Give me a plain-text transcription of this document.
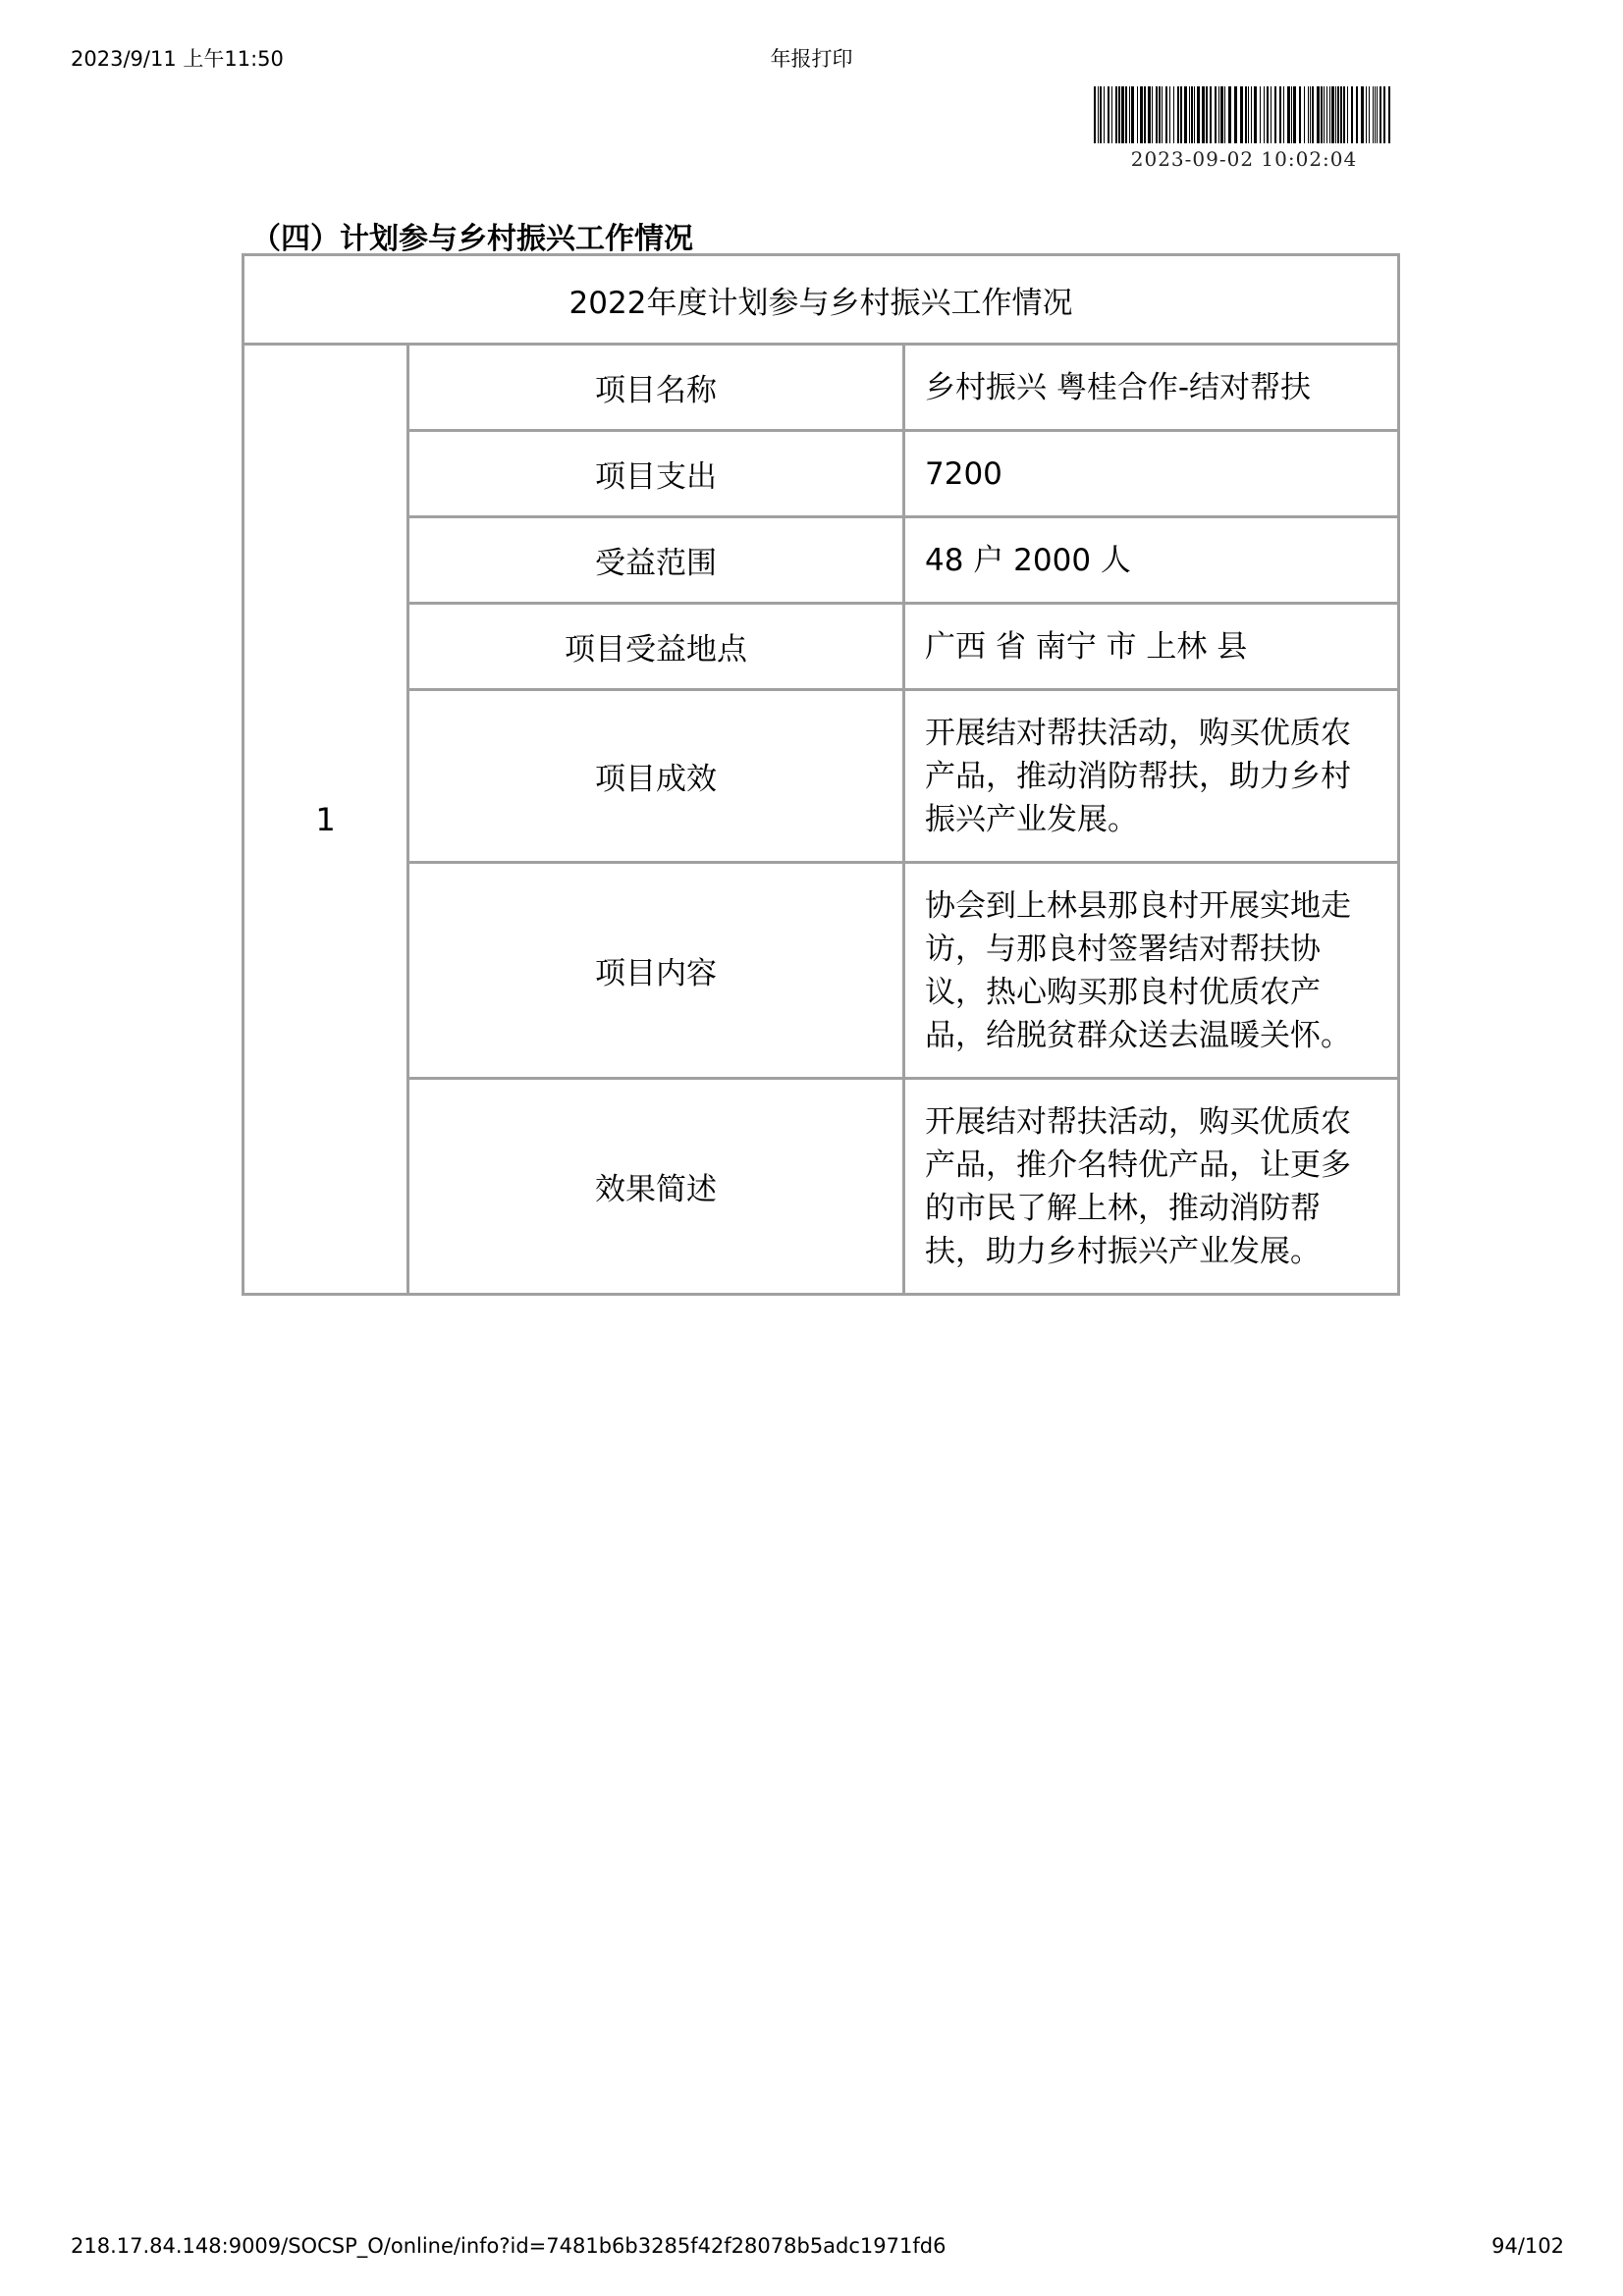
2023/9/11 上午11:50	年报打印
2023-09-02 10:02:04
（四）计划参与乡村振兴工作情况
2022年度计划参与乡村振兴工作情况		
1	项目名称	乡村振兴 粤桂合作-结对帮扶
	项目支出	7200
	受益范围	48 户 2000 人
	项目受益地点	广西 省 南宁 市 上林 县
	项目成效	开展结对帮扶活动，购买优质农产品，推动消防帮扶，助力乡村振兴产业发展。
	项目内容	协会到上林县那良村开展实地走访，与那良村签署结对帮扶协议，热心购买那良村优质农产品，给脱贫群众送去温暖关怀。
	效果简述	开展结对帮扶活动，购买优质农产品，推介名特优产品，让更多的市民了解上林，推动消防帮扶，助力乡村振兴产业发展。
218.17.84.148:9009/SOCSP_O/online/info?id=7481b6b3285f42f28078b5adc1971fd6	94/102
